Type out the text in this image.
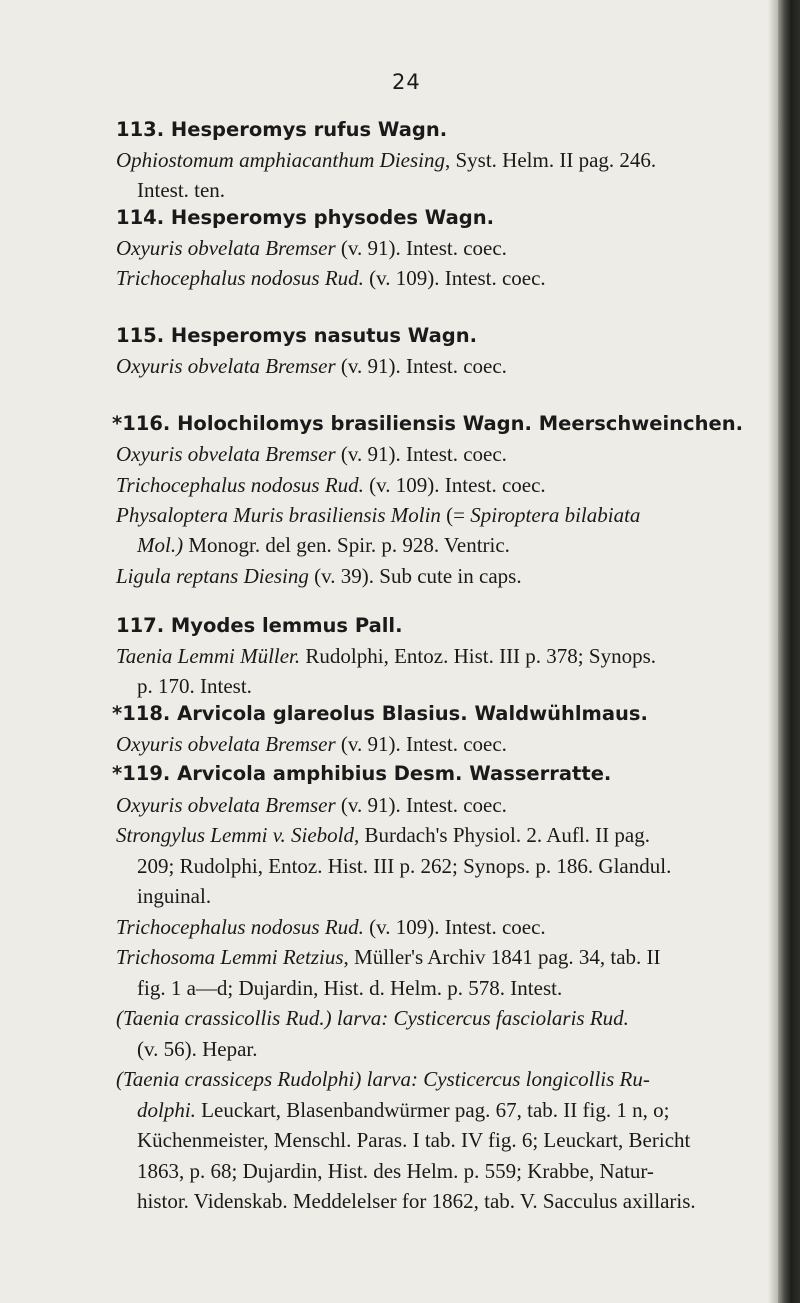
24
113. Hesperomys rufus Wagn.
Ophiostomum amphiacanthum Diesing, Syst. Helm. II pag. 246.
Intest. ten.
114. Hesperomys physodes Wagn.
Oxyuris obvelata Bremser (v. 91). Intest. coec.
Trichocephalus nodosus Rud. (v. 109). Intest. coec.
115. Hesperomys nasutus Wagn.
Oxyuris obvelata Bremser (v. 91). Intest. coec.
*116. Holochilomys brasiliensis Wagn. Meerschweinchen.
Oxyuris obvelata Bremser (v. 91). Intest. coec.
Trichocephalus nodosus Rud. (v. 109). Intest. coec.
Physaloptera Muris brasiliensis Molin (= Spiroptera bilabiata
Mol.) Monogr. del gen. Spir. p. 928. Ventric.
Ligula reptans Diesing (v. 39). Sub cute in caps.
117. Myodes lemmus Pall.
Taenia Lemmi Müller. Rudolphi, Entoz. Hist. III p. 378; Synops.
p. 170. Intest.
*118. Arvicola glareolus Blasius. Waldwühlmaus.
Oxyuris obvelata Bremser (v. 91). Intest. coec.
*119. Arvicola amphibius Desm. Wasserratte.
Oxyuris obvelata Bremser (v. 91). Intest. coec.
Strongylus Lemmi v. Siebold, Burdach's Physiol. 2. Aufl. II pag.
209; Rudolphi, Entoz. Hist. III p. 262; Synops. p. 186. Glandul.
inguinal.
Trichocephalus nodosus Rud. (v. 109). Intest. coec.
Trichosoma Lemmi Retzius, Müller's Archiv 1841 pag. 34, tab. II
fig. 1 a—d; Dujardin, Hist. d. Helm. p. 578. Intest.
(Taenia crassicollis Rud.) larva: Cysticercus fasciolaris Rud.
(v. 56). Hepar.
(Taenia crassiceps Rudolphi) larva: Cysticercus longicollis Ru-
dolphi. Leuckart, Blasenbandwürmer pag. 67, tab. II fig. 1 n, o;
Küchenmeister, Menschl. Paras. I tab. IV fig. 6; Leuckart, Bericht
1863, p. 68; Dujardin, Hist. des Helm. p. 559; Krabbe, Natur-
histor. Videnskab. Meddelelser for 1862, tab. V. Sacculus axillaris.
